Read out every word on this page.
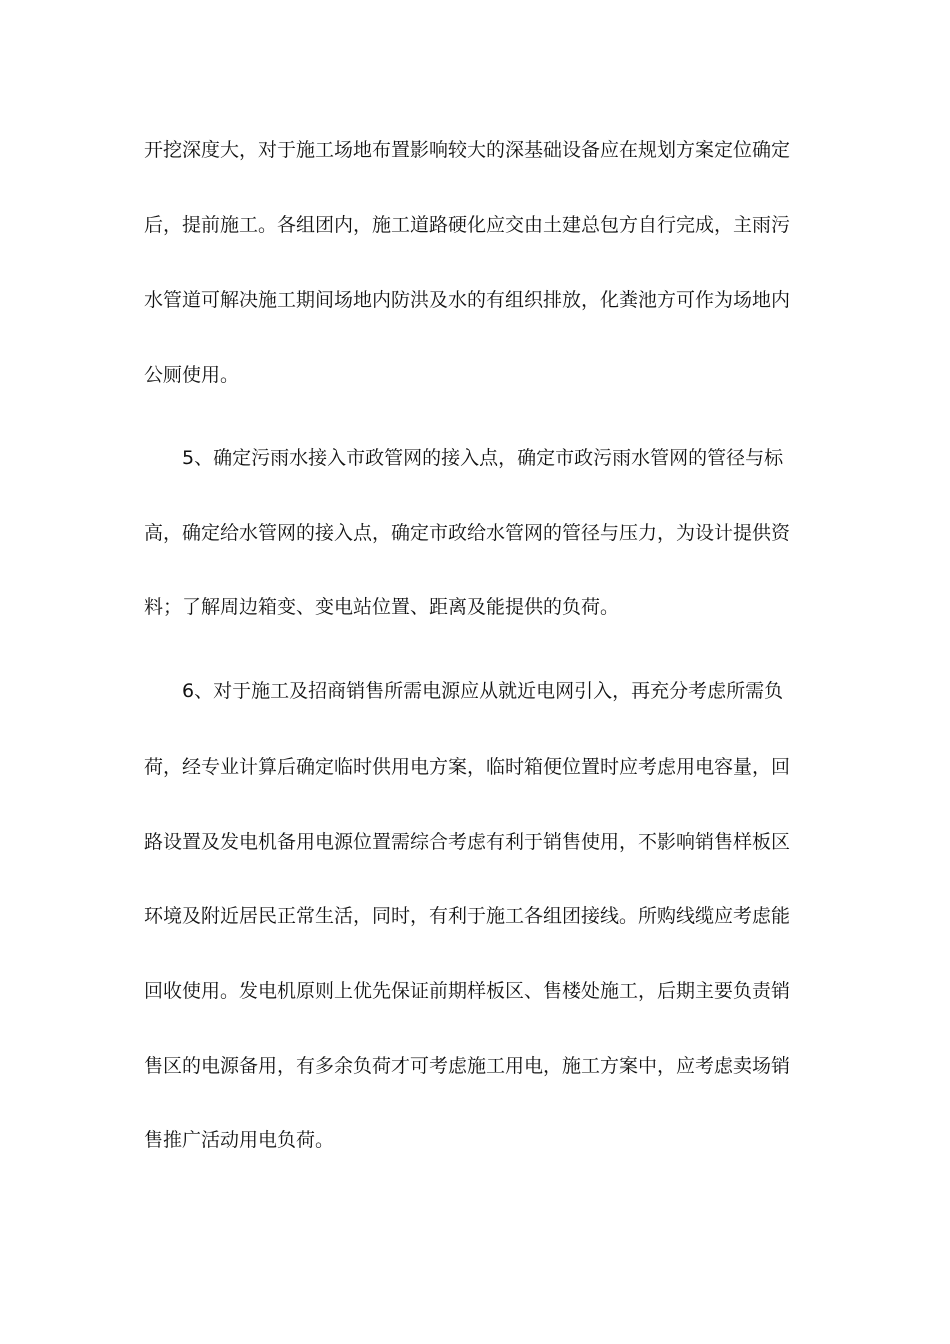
开挖深度大，对于施工场地布置影响较大的深基础设备应在规划方案定位确定
后，提前施工。各组团内，施工道路硬化应交由土建总包方自行完成，主雨污
水管道可解决施工期间场地内防洪及水的有组织排放，化粪池方可作为场地内
公厕使用。
5、确定污雨水接入市政管网的接入点，确定市政污雨水管网的管径与标
高，确定给水管网的接入点，确定市政给水管网的管径与压力，为设计提供资
料；了解周边箱变、变电站位置、距离及能提供的负荷。
6、对于施工及招商销售所需电源应从就近电网引入，再充分考虑所需负
荷，经专业计算后确定临时供用电方案，临时箱便位置时应考虑用电容量，回
路设置及发电机备用电源位置需综合考虑有利于销售使用，不影响销售样板区
环境及附近居民正常生活，同时，有利于施工各组团接线。所购线缆应考虑能
回收使用。发电机原则上优先保证前期样板区、售楼处施工，后期主要负责销
售区的电源备用，有多余负荷才可考虑施工用电，施工方案中，应考虑卖场销
售推广活动用电负荷。
